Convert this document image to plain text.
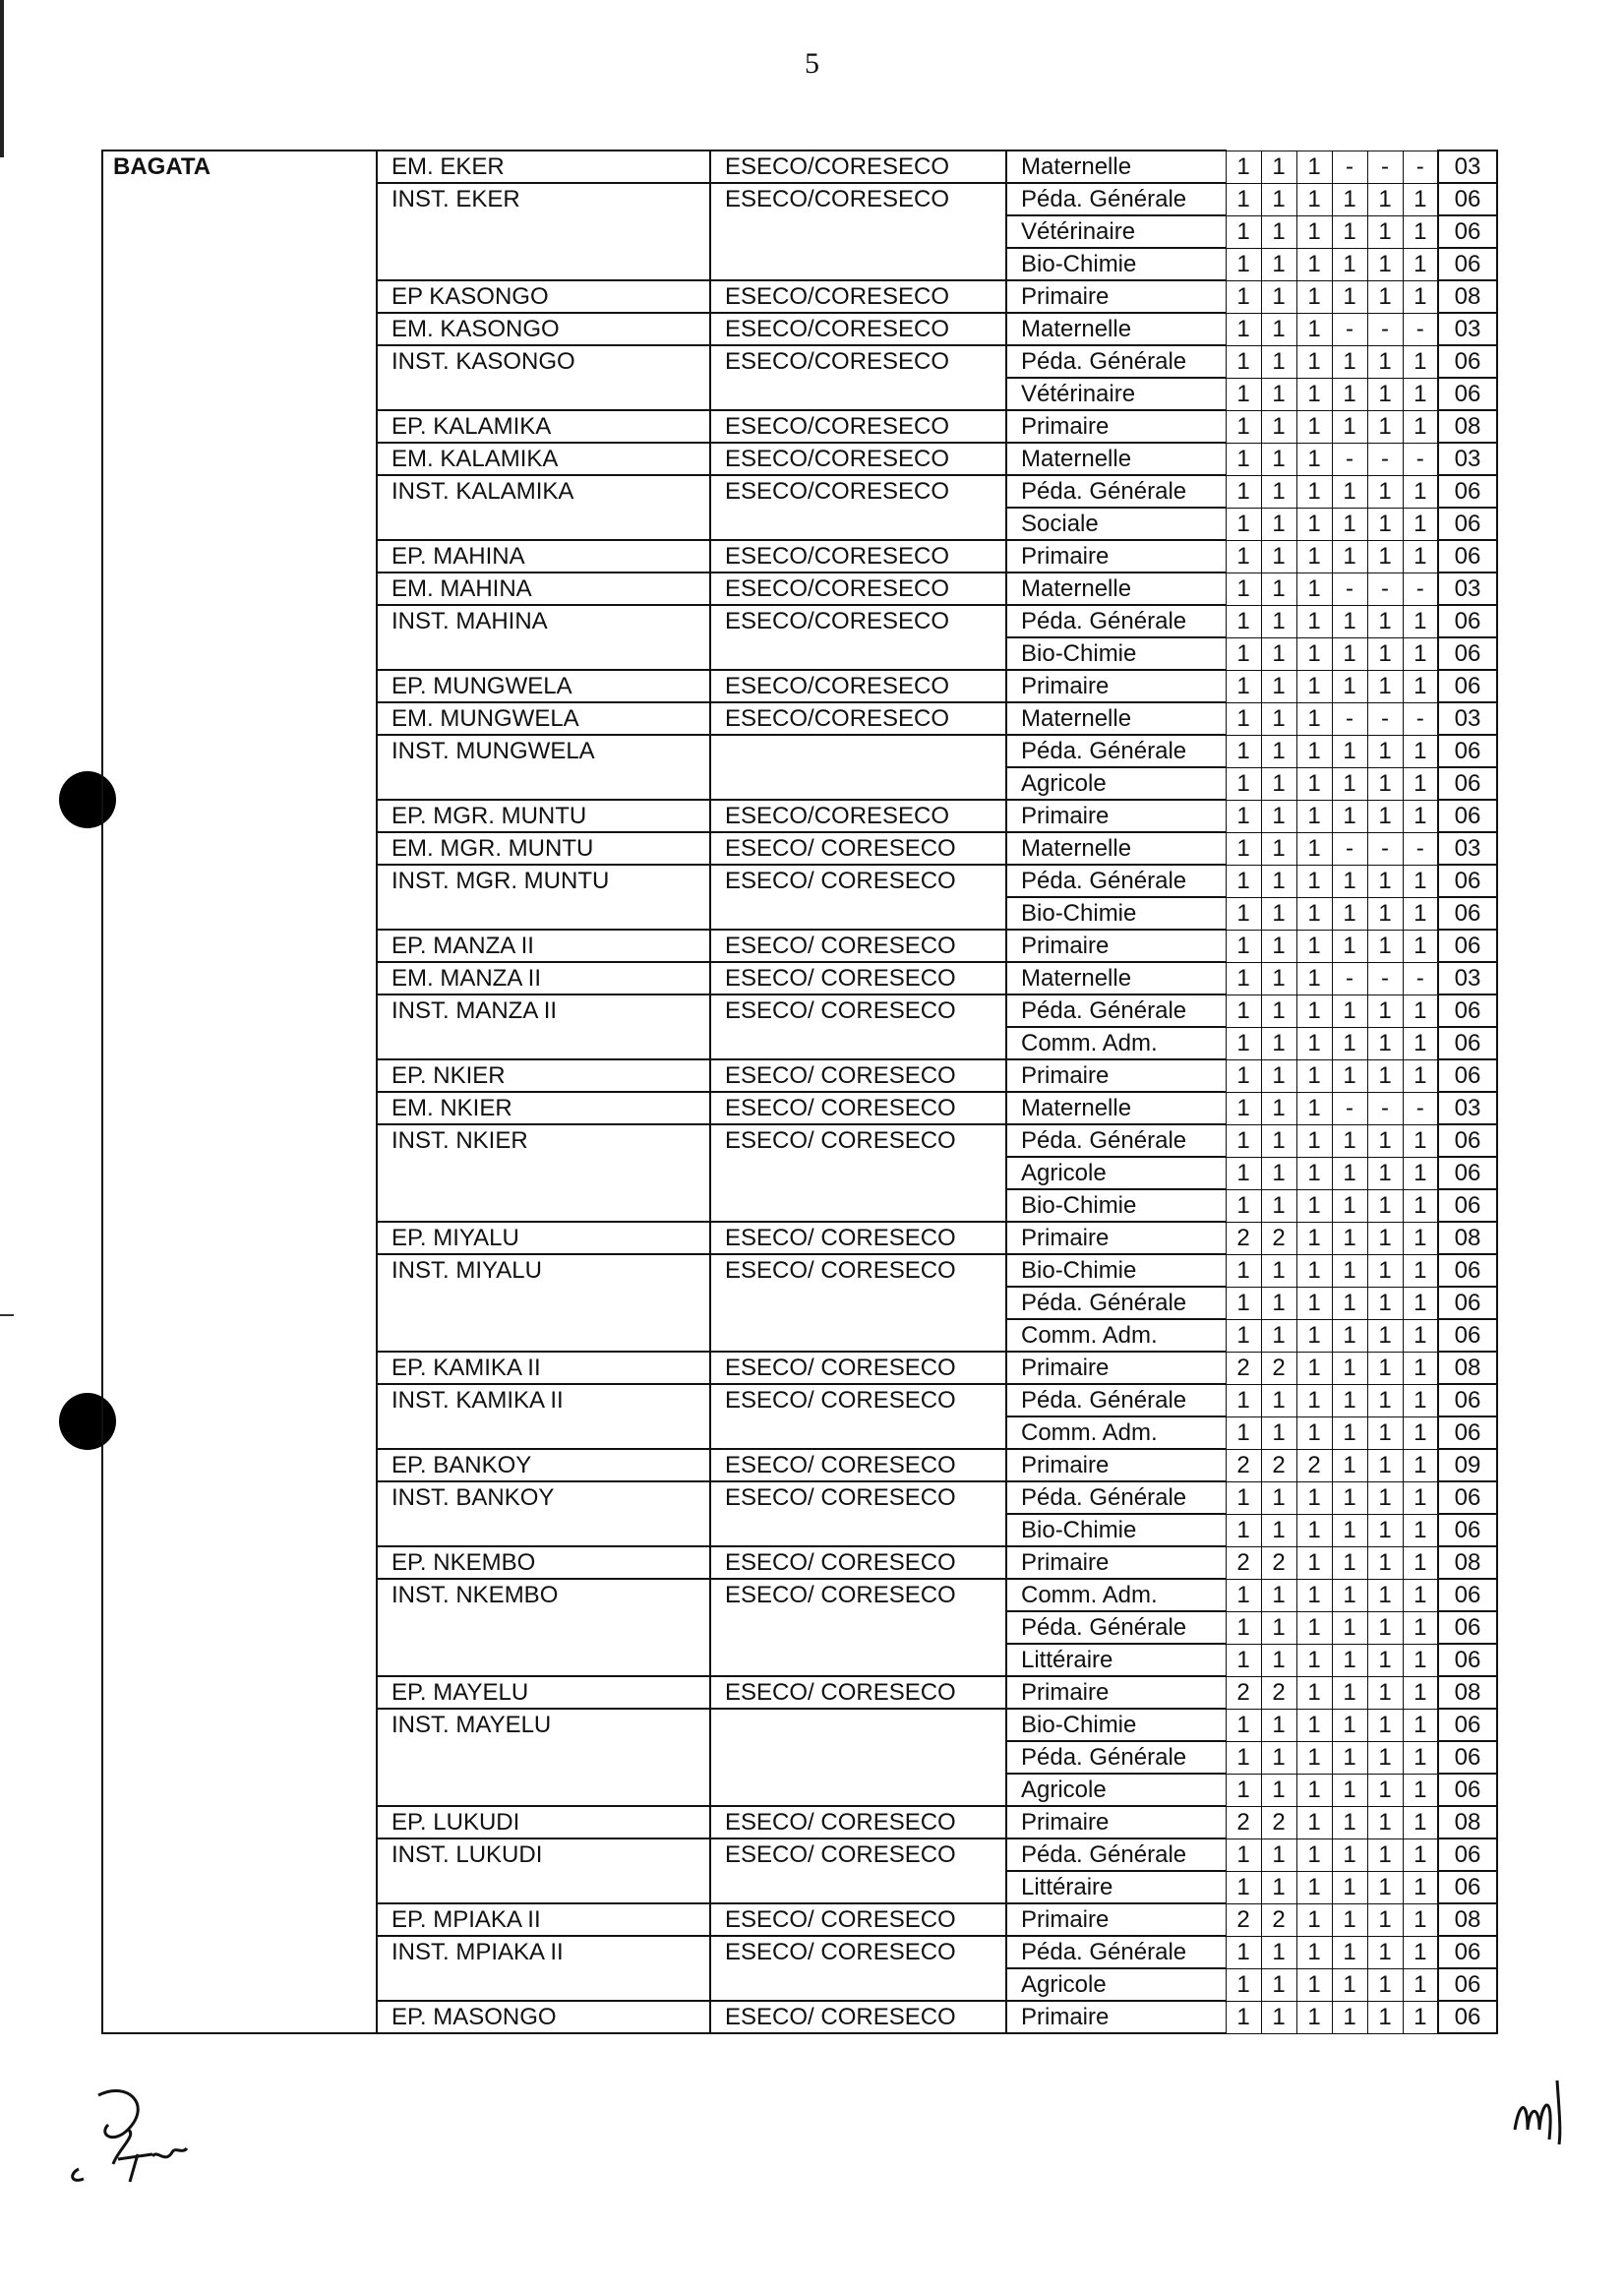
5
BAGATA	EM. EKER	ESECO/CORESECO	Maternelle	1	1	1	-	-	-	03
	INST. EKER	ESECO/CORESECO	Péda. Générale	1	1	1	1	1	1	06
			Vétérinaire	1	1	1	1	1	1	06
			Bio-Chimie	1	1	1	1	1	1	06
	EP KASONGO	ESECO/CORESECO	Primaire	1	1	1	1	1	1	08
	EM. KASONGO	ESECO/CORESECO	Maternelle	1	1	1	-	-	-	03
	INST. KASONGO	ESECO/CORESECO	Péda. Générale	1	1	1	1	1	1	06
			Vétérinaire	1	1	1	1	1	1	06
	EP. KALAMIKA	ESECO/CORESECO	Primaire	1	1	1	1	1	1	08
	EM. KALAMIKA	ESECO/CORESECO	Maternelle	1	1	1	-	-	-	03
	INST. KALAMIKA	ESECO/CORESECO	Péda. Générale	1	1	1	1	1	1	06
			Sociale	1	1	1	1	1	1	06
	EP. MAHINA	ESECO/CORESECO	Primaire	1	1	1	1	1	1	06
	EM. MAHINA	ESECO/CORESECO	Maternelle	1	1	1	-	-	-	03
	INST. MAHINA	ESECO/CORESECO	Péda. Générale	1	1	1	1	1	1	06
			Bio-Chimie	1	1	1	1	1	1	06
	EP. MUNGWELA	ESECO/CORESECO	Primaire	1	1	1	1	1	1	06
	EM. MUNGWELA	ESECO/CORESECO	Maternelle	1	1	1	-	-	-	03
	INST. MUNGWELA		Péda. Générale	1	1	1	1	1	1	06
			Agricole	1	1	1	1	1	1	06
	EP. MGR. MUNTU	ESECO/CORESECO	Primaire	1	1	1	1	1	1	06
	EM. MGR. MUNTU	ESECO/ CORESECO	Maternelle	1	1	1	-	-	-	03
	INST. MGR. MUNTU	ESECO/ CORESECO	Péda. Générale	1	1	1	1	1	1	06
			Bio-Chimie	1	1	1	1	1	1	06
	EP. MANZA II	ESECO/ CORESECO	Primaire	1	1	1	1	1	1	06
	EM. MANZA II	ESECO/ CORESECO	Maternelle	1	1	1	-	-	-	03
	INST. MANZA II	ESECO/ CORESECO	Péda. Générale	1	1	1	1	1	1	06
			Comm. Adm.	1	1	1	1	1	1	06
	EP. NKIER	ESECO/ CORESECO	Primaire	1	1	1	1	1	1	06
	EM. NKIER	ESECO/ CORESECO	Maternelle	1	1	1	-	-	-	03
	INST. NKIER	ESECO/ CORESECO	Péda. Générale	1	1	1	1	1	1	06
			Agricole	1	1	1	1	1	1	06
			Bio-Chimie	1	1	1	1	1	1	06
	EP. MIYALU	ESECO/ CORESECO	Primaire	2	2	1	1	1	1	08
	INST. MIYALU	ESECO/ CORESECO	Bio-Chimie	1	1	1	1	1	1	06
			Péda. Générale	1	1	1	1	1	1	06
			Comm. Adm.	1	1	1	1	1	1	06
	EP. KAMIKA II	ESECO/ CORESECO	Primaire	2	2	1	1	1	1	08
	INST. KAMIKA II	ESECO/ CORESECO	Péda. Générale	1	1	1	1	1	1	06
			Comm. Adm.	1	1	1	1	1	1	06
	EP. BANKOY	ESECO/ CORESECO	Primaire	2	2	2	1	1	1	09
	INST. BANKOY	ESECO/ CORESECO	Péda. Générale	1	1	1	1	1	1	06
			Bio-Chimie	1	1	1	1	1	1	06
	EP. NKEMBO	ESECO/ CORESECO	Primaire	2	2	1	1	1	1	08
	INST. NKEMBO	ESECO/ CORESECO	Comm. Adm.	1	1	1	1	1	1	06
			Péda. Générale	1	1	1	1	1	1	06
			Littéraire	1	1	1	1	1	1	06
	EP. MAYELU	ESECO/ CORESECO	Primaire	2	2	1	1	1	1	08
	INST. MAYELU		Bio-Chimie	1	1	1	1	1	1	06
			Péda. Générale	1	1	1	1	1	1	06
			Agricole	1	1	1	1	1	1	06
	EP. LUKUDI	ESECO/ CORESECO	Primaire	2	2	1	1	1	1	08
	INST. LUKUDI	ESECO/ CORESECO	Péda. Générale	1	1	1	1	1	1	06
			Littéraire	1	1	1	1	1	1	06
	EP. MPIAKA II	ESECO/ CORESECO	Primaire	2	2	1	1	1	1	08
	INST. MPIAKA II	ESECO/ CORESECO	Péda. Générale	1	1	1	1	1	1	06
			Agricole	1	1	1	1	1	1	06
	EP. MASONGO	ESECO/ CORESECO	Primaire	1	1	1	1	1	1	06
